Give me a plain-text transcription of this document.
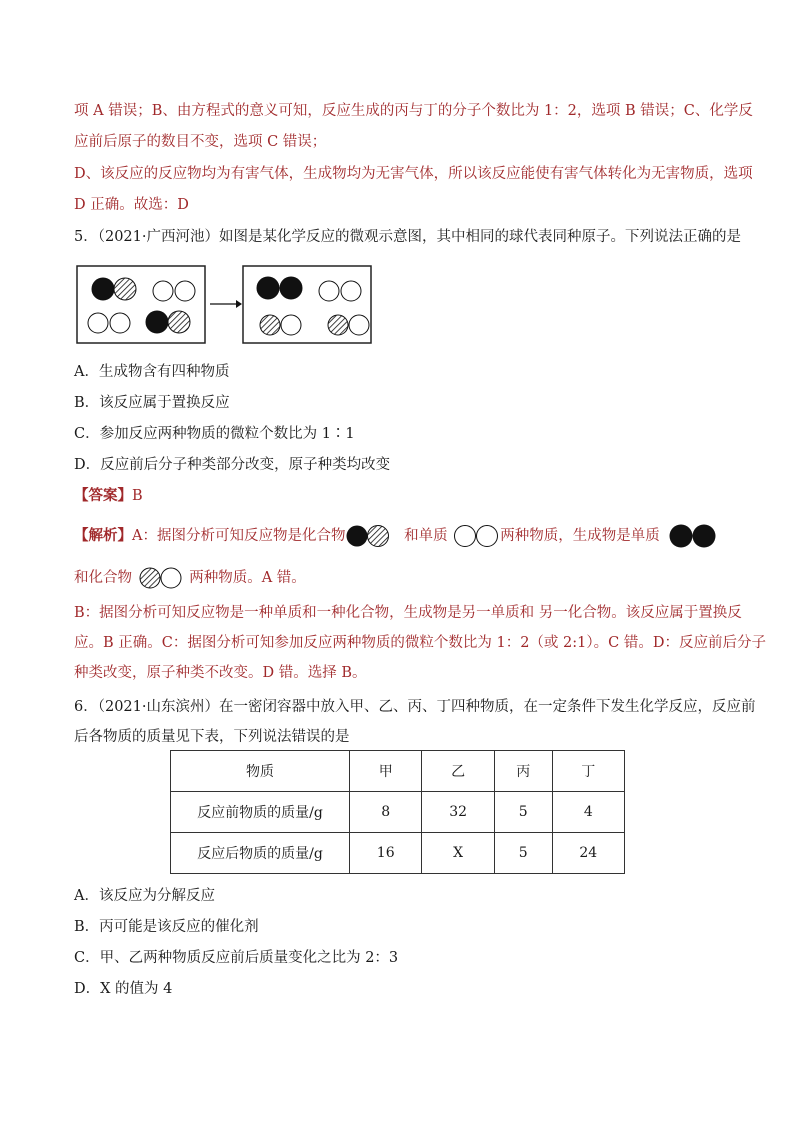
项 A 错误；B、由方程式的意义可知，反应生成的丙与丁的分子个数比为 1：2，选项 B 错误；C、化学反
应前后原子的数目不变，选项 C 错误；
D、该反应的反应物均为有害气体，生成物均为无害气体，所以该反应能使有害气体转化为无害物质，选项
D 正确。故选：D
5．（2021·广西河池）如图是某化学反应的微观示意图，其中相同的球代表同种原子。下列说法正确的是
A．生成物含有四种物质
B．该反应属于置换反应
C．参加反应两种物质的微粒个数比为 1∶1
D．反应前后分子种类部分改变，原子种类均改变
【答案】B
【解析】A：据图分析可知反应物是化合物	和单质	两种物质，生成物是单质
和化合物	两种物质。A 错。
B：据图分析可知反应物是一种单质和一种化合物，生成物是另一单质和 另一化合物。该反应属于置换反
应。B 正确。C：据图分析可知参加反应两种物质的微粒个数比为 1：2（或 2:1）。C 错。D：反应前后分子
种类改变，原子种类不改变。D 错。选择 B。
6．（2021·山东滨州）在一密闭容器中放入甲、乙、丙、丁四种物质，在一定条件下发生化学反应，反应前
后各物质的质量见下表，下列说法错误的是
物质	甲	乙	丙	丁
反应前物质的质量/g	8	32	5	4
反应后物质的质量/g	16	X	5	24
A．该反应为分解反应
B．丙可能是该反应的催化剂
C．甲、乙两种物质反应前后质量变化之比为 2：3
D．X 的值为 4
